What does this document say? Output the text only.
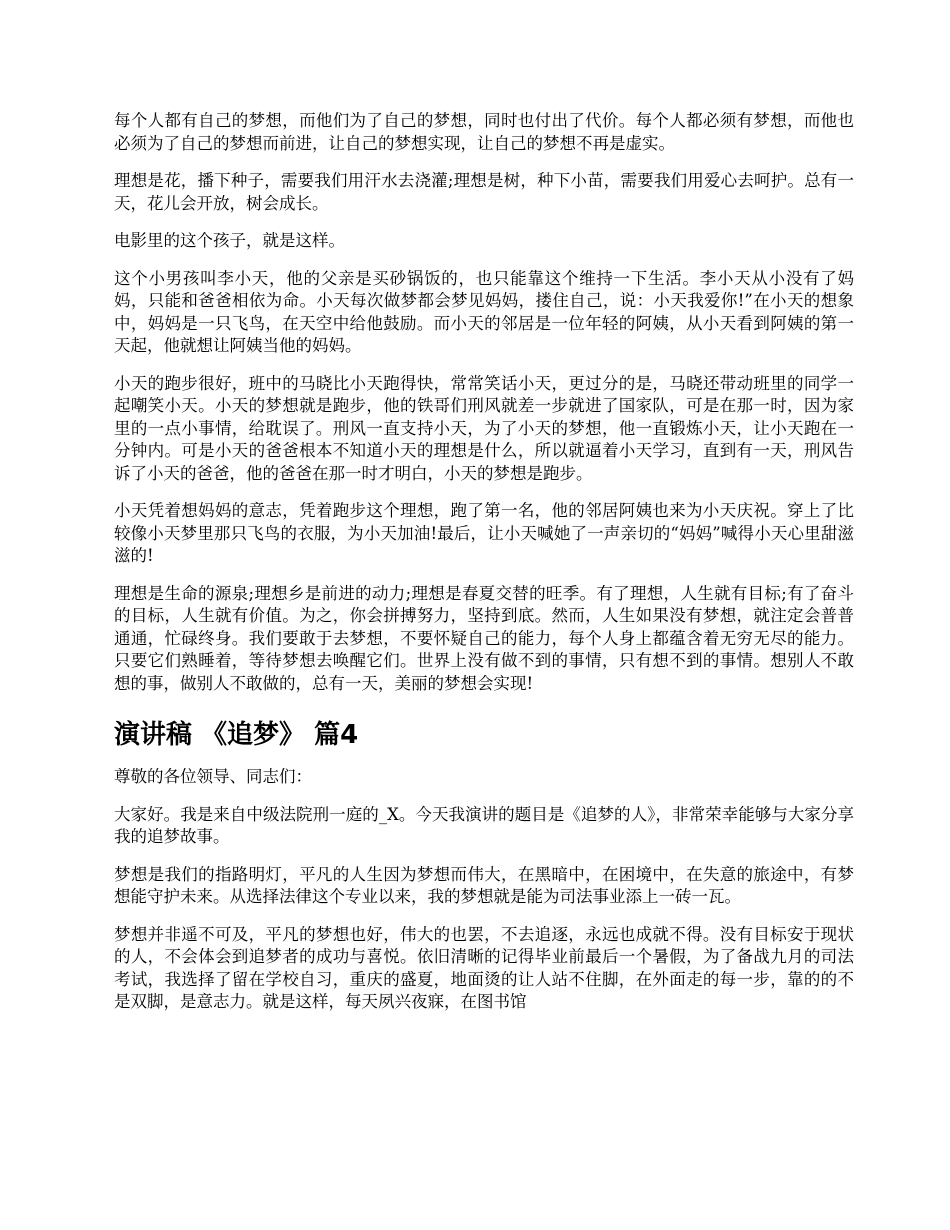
每个人都有自己的梦想，而他们为了自己的梦想，同时也付出了代价。每个人都必须有梦想，而他也必须为了自己的梦想而前进，让自己的梦想实现，让自己的梦想不再是虚实。

理想是花，播下种子，需要我们用汗水去浇灌;理想是树，种下小苗，需要我们用爱心去呵护。总有一天，花儿会开放，树会成长。

电影里的这个孩子，就是这样。

这个小男孩叫李小天，他的父亲是买砂锅饭的，也只能靠这个维持一下生活。李小天从小没有了妈妈，只能和爸爸相依为命。小天每次做梦都会梦见妈妈，搂住自己，说：小天我爱你!”在小天的想象中，妈妈是一只飞鸟，在天空中给他鼓励。而小天的邻居是一位年轻的阿姨，从小天看到阿姨的第一天起，他就想让阿姨当他的妈妈。

小天的跑步很好，班中的马晓比小天跑得快，常常笑话小天，更过分的是，马晓还带动班里的同学一起嘲笑小天。小天的梦想就是跑步，他的铁哥们刑风就差一步就进了国家队，可是在那一时，因为家里的一点小事情，给耽误了。刑风一直支持小天，为了小天的梦想，他一直锻炼小天，让小天跑在一分钟内。可是小天的爸爸根本不知道小天的理想是什么，所以就逼着小天学习，直到有一天，刑风告诉了小天的爸爸，他的爸爸在那一时才明白，小天的梦想是跑步。

小天凭着想妈妈的意志，凭着跑步这个理想，跑了第一名，他的邻居阿姨也来为小天庆祝。穿上了比较像小天梦里那只飞鸟的衣服，为小天加油!最后，让小天喊她了一声亲切的“妈妈”喊得小天心里甜滋滋的!

理想是生命的源泉;理想乡是前进的动力;理想是春夏交替的旺季。有了理想，人生就有目标;有了奋斗的目标，人生就有价值。为之，你会拼搏努力，坚持到底。然而，人生如果没有梦想，就注定会普普通通，忙碌终身。我们要敢于去梦想，不要怀疑自己的能力，每个人身上都蕴含着无穷无尽的能力。只要它们熟睡着，等待梦想去唤醒它们。世界上没有做不到的事情，只有想不到的事情。想别人不敢想的事，做别人不敢做的，总有一天，美丽的梦想会实现!

演讲稿 《追梦》 篇4

尊敬的各位领导、同志们：

大家好。我是来自中级法院刑一庭的_X。今天我演讲的题目是《追梦的人》，非常荣幸能够与大家分享我的追梦故事。

梦想是我们的指路明灯，平凡的人生因为梦想而伟大，在黑暗中，在困境中，在失意的旅途中，有梦想能守护未来。从选择法律这个专业以来，我的梦想就是能为司法事业添上一砖一瓦。

梦想并非遥不可及，平凡的梦想也好，伟大的也罢，不去追逐，永远也成就不得。没有目标安于现状的人，不会体会到追梦者的成功与喜悦。依旧清晰的记得毕业前最后一个暑假，为了备战九月的司法考试，我选择了留在学校自习，重庆的盛夏，地面烫的让人站不住脚，在外面走的每一步，靠的的不是双脚，是意志力。就是这样，每天夙兴夜寐，在图书馆
